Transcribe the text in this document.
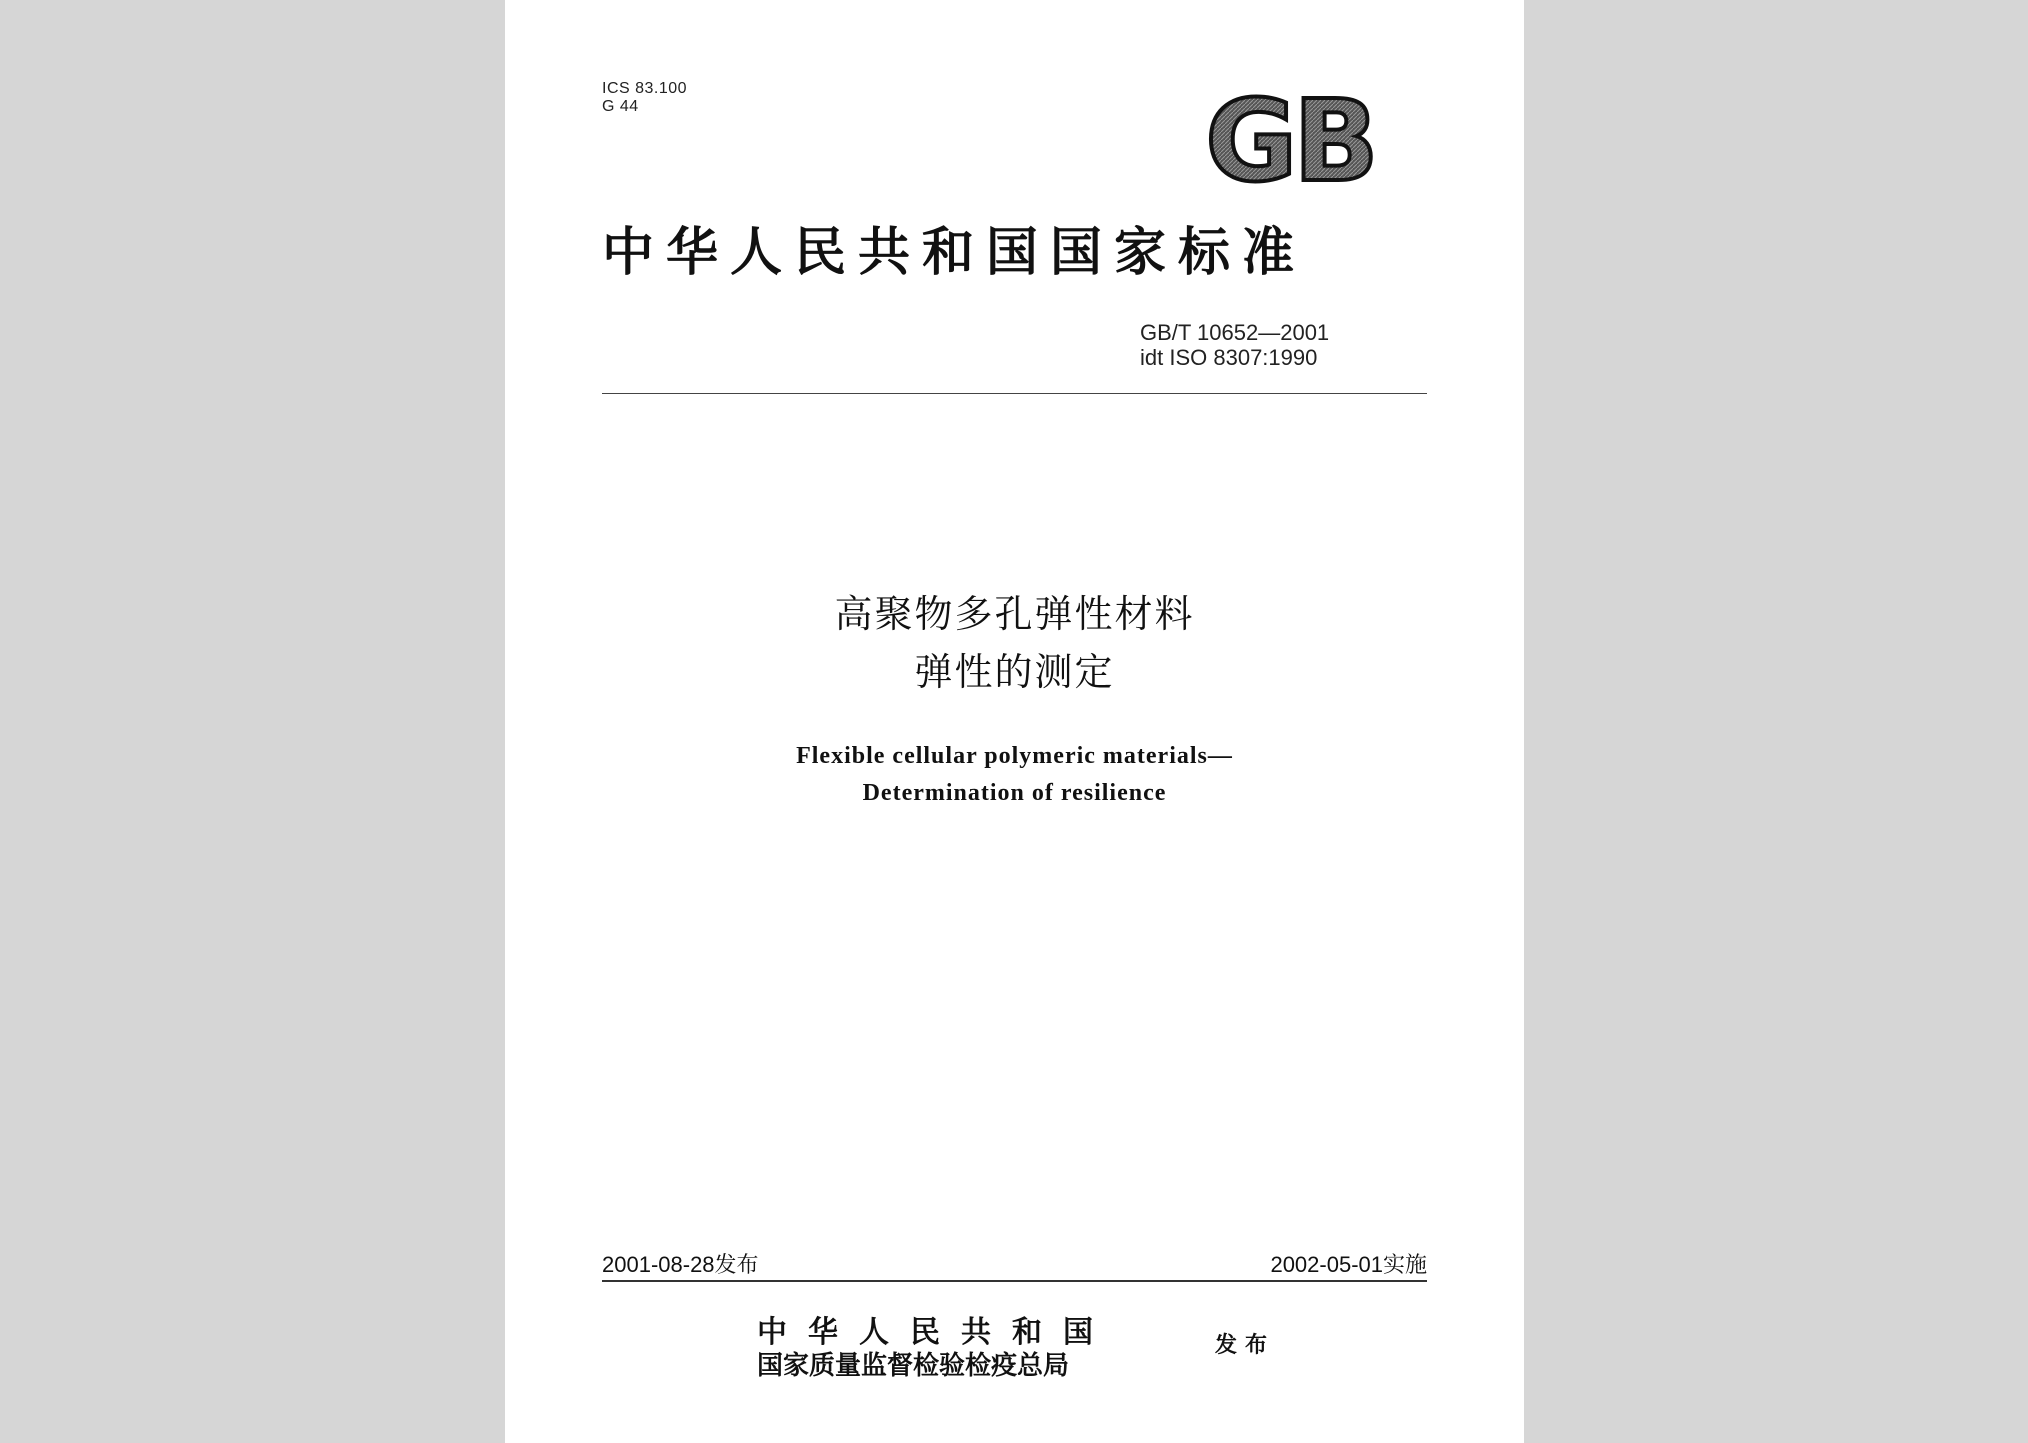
ICS 83.100
G 44	GB
中华人民共和国国家标准
GB/T 10652—2001
idt ISO 8307:1990
高聚物多孔弹性材料
弹性的测定
Flexible cellular polymeric materials—
Determination of resilience
2001-08-28发布	2002-05-01实施
中华人民共和国
国家质量监督检验检疫总局
发布
